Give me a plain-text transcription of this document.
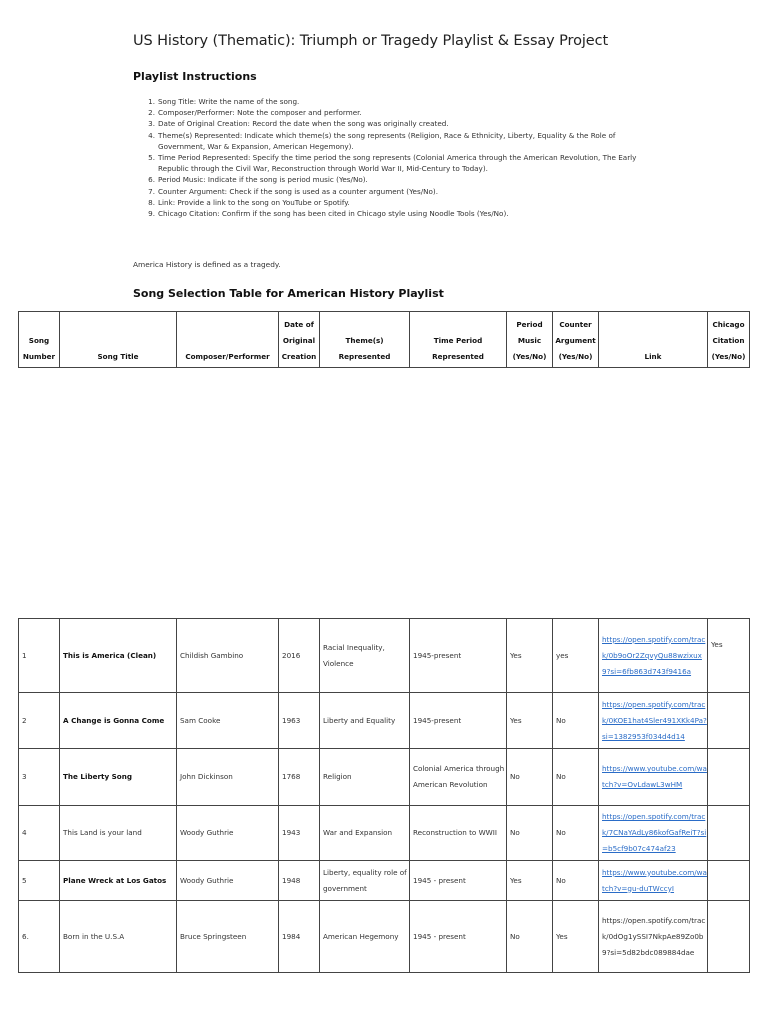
US History (Thematic): Triumph or Tragedy Playlist & Essay Project
Playlist Instructions
1. Song Title: Write the name of the song.
2. Composer/Performer: Note the composer and performer.
3. Date of Original Creation: Record the date when the song was originally created.
4. Theme(s) Represented: Indicate which theme(s) the song represents (Religion, Race & Ethnicity, Liberty, Equality & the Role of Government, War & Expansion, American Hegemony).
5. Time Period Represented: Specify the time period the song represents (Colonial America through the American Revolution, The Early Republic through the Civil War, Reconstruction through World War II, Mid-Century to Today).
6. Period Music: Indicate if the song is period music (Yes/No).
7. Counter Argument: Check if the song is used as a counter argument (Yes/No).
8. Link: Provide a link to the song on YouTube or Spotify.
9. Chicago Citation: Confirm if the song has been cited in Chicago style using Noodle Tools (Yes/No).
America History is defined as a tragedy.
Song Selection Table for American History Playlist
Song
Number	Song Title	Composer/Performer	Date of
Original
Creation	Theme(s)
Represented	Time Period
Represented	Period
Music
(Yes/No)	Counter
Argument
(Yes/No)	Link	Chicago
Citation
(Yes/No)
1	This is America (Clean)	Childish Gambino	2016	Racial Inequality, Violence	1945-present	Yes	yes	https://open.spotify.com/track/0b9oOr2ZqvyQu88wzixux9?si=6fb863d743f9416a	Yes
2	A Change is Gonna Come	Sam Cooke	1963	Liberty and Equality	1945-present	Yes	No	https://open.spotify.com/track/0KOE1hat4Sler491XKk4Pa?si=1382953f034d4d14	
3	The Liberty Song	John Dickinson	1768	Religion	Colonial America through American Revolution	No	No	https://www.youtube.com/watch?v=OvLdawL3wHM	
4	This Land is your land	Woody Guthrie	1943	War and Expansion	Reconstruction to WWII	No	No	https://open.spotify.com/track/7CNaYAdLy86kofGafReiT?si=b5cf9b07c474af23	
5	Plane Wreck at Los Gatos	Woody Guthrie	1948	Liberty, equality role of government	1945 - present	Yes	No	https://www.youtube.com/watch?v=gu-duTWccyI	
6.	Born in the U.S.A	Bruce Springsteen	1984	American Hegemony	1945 - present	No	Yes	https://open.spotify.com/track/0dOg1ySSI7NkpAe89Zo0b9?si=5d82bdc089884dae	
